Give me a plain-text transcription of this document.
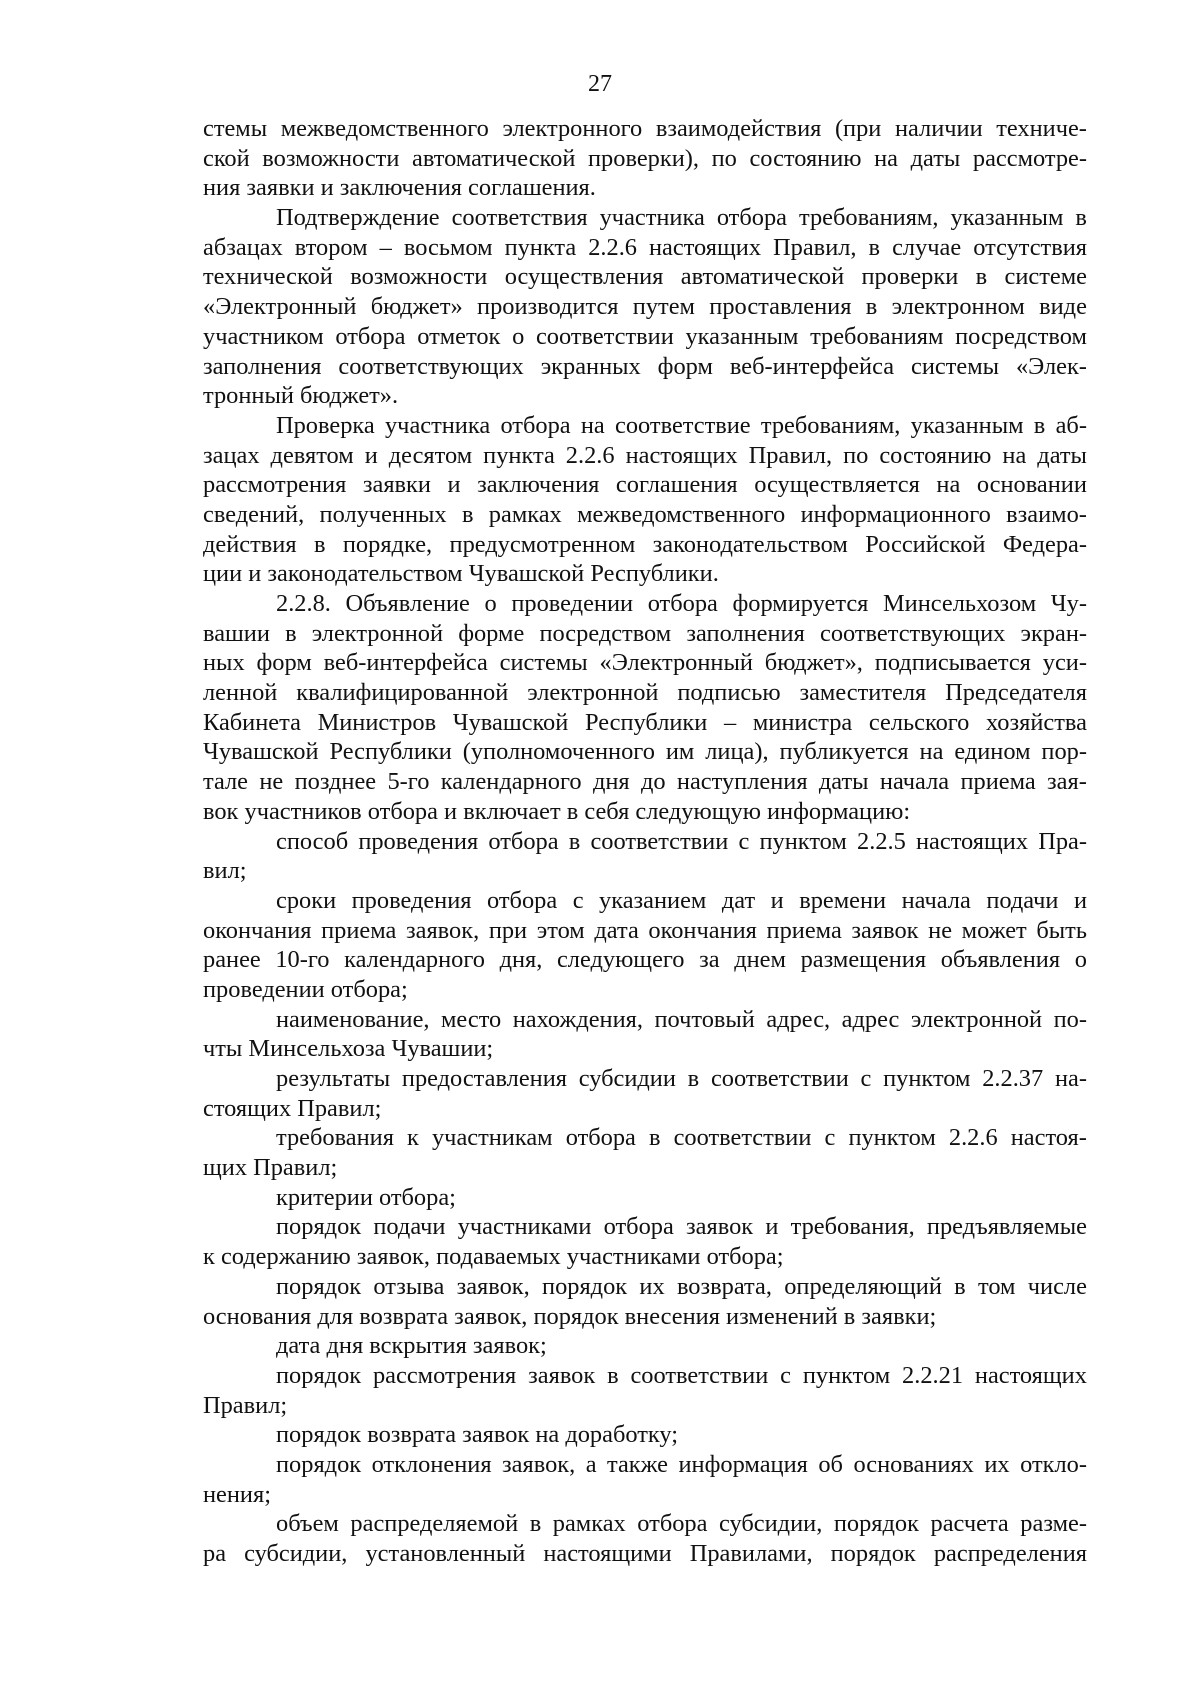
27
стемы межведомственного электронного взаимодействия (при наличии техниче-
ской возможности автоматической проверки), по состоянию на даты рассмотре-
ния заявки и заключения соглашения.
Подтверждение соответствия участника отбора требованиям, указанным в
абзацах втором – восьмом пункта 2.2.6 настоящих Правил, в случае отсутствия
технической возможности осуществления автоматической проверки в системе
«Электронный бюджет» производится путем проставления в электронном виде
участником отбора отметок о соответствии указанным требованиям посредством
заполнения соответствующих экранных форм веб-интерфейса системы «Элек-
тронный бюджет».
Проверка участника отбора на соответствие требованиям, указанным в аб-
зацах девятом и десятом пункта 2.2.6 настоящих Правил, по состоянию на даты
рассмотрения заявки и заключения соглашения осуществляется на основании
сведений, полученных в рамках межведомственного информационного взаимо-
действия в порядке, предусмотренном законодательством Российской Федера-
ции и законодательством Чувашской Республики.
2.2.8. Объявление о проведении отбора формируется Минсельхозом Чу-
вашии в электронной форме посредством заполнения соответствующих экран-
ных форм веб-интерфейса системы «Электронный бюджет», подписывается уси-
ленной квалифицированной электронной подписью заместителя Председателя
Кабинета Министров Чувашской Республики – министра сельского хозяйства
Чувашской Республики (уполномоченного им лица), публикуется на едином пор-
тале не позднее 5-го календарного дня до наступления даты начала приема зая-
вок участников отбора и включает в себя следующую информацию:
способ проведения отбора в соответствии с пунктом 2.2.5 настоящих Пра-
вил;
сроки проведения отбора с указанием дат и времени начала подачи и
окончания приема заявок, при этом дата окончания приема заявок не может быть
ранее 10-го календарного дня, следующего за днем размещения объявления о
проведении отбора;
наименование, место нахождения, почтовый адрес, адрес электронной по-
чты Минсельхоза Чувашии;
результаты предоставления субсидии в соответствии с пунктом 2.2.37 на-
стоящих Правил;
требования к участникам отбора в соответствии с пунктом 2.2.6 настоя-
щих Правил;
критерии отбора;
порядок подачи участниками отбора заявок и требования, предъявляемые
к содержанию заявок, подаваемых участниками отбора;
порядок отзыва заявок, порядок их возврата, определяющий в том числе
основания для возврата заявок, порядок внесения изменений в заявки;
дата дня вскрытия заявок;
порядок рассмотрения заявок в соответствии с пунктом 2.2.21 настоящих
Правил;
порядок возврата заявок на доработку;
порядок отклонения заявок, а также информация об основаниях их откло-
нения;
объем распределяемой в рамках отбора субсидии, порядок расчета разме-
ра субсидии, установленный настоящими Правилами, порядок распределения
